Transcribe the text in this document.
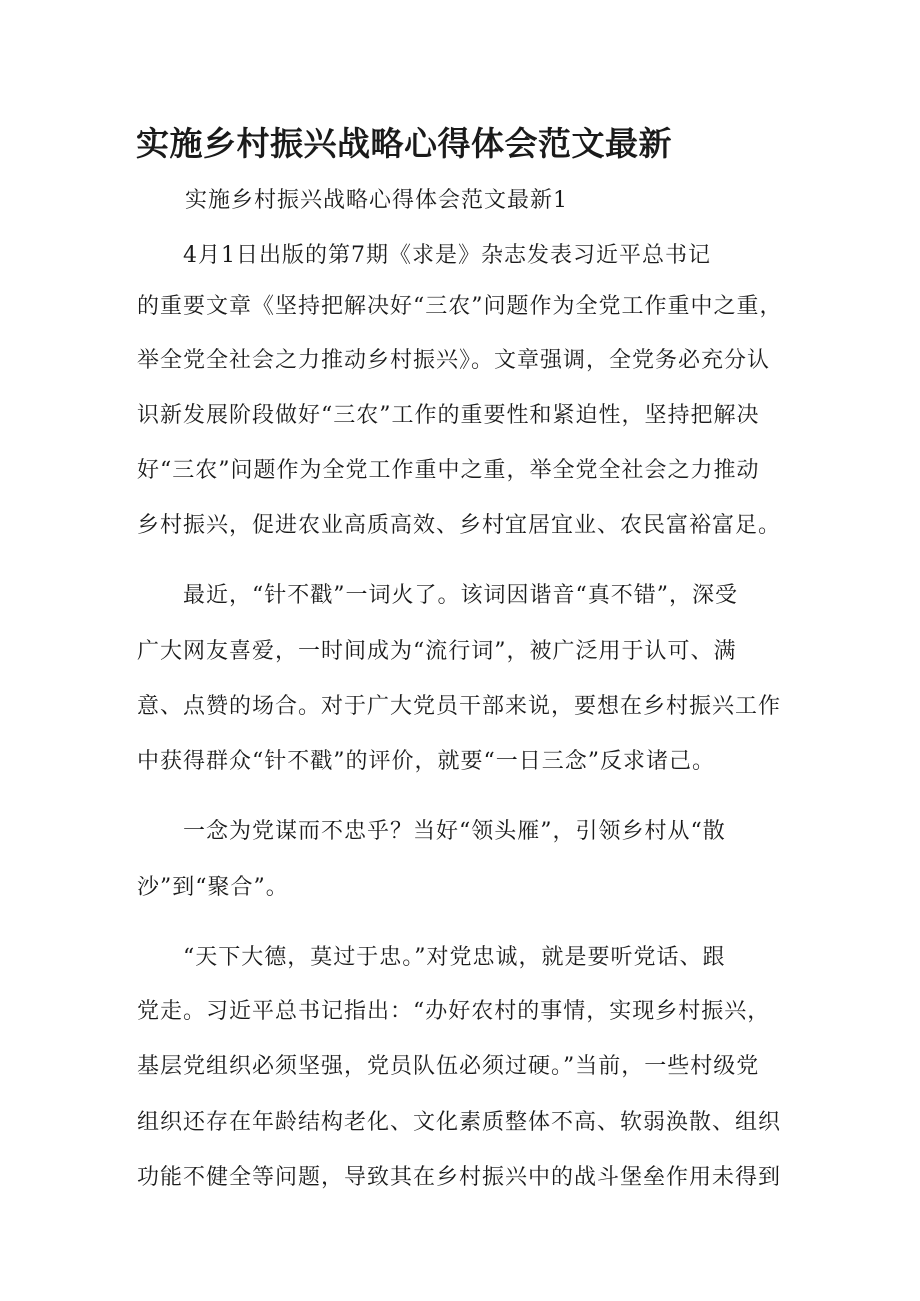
实施乡村振兴战略心得体会范文最新

实施乡村振兴战略心得体会范文最新1

4月1日出版的第7期《求是》杂志发表习近平总书记

的重要文章《坚持把解决好“三农”问题作为全党工作重中之重，

举全党全社会之力推动乡村振兴》。文章强调，全党务必充分认

识新发展阶段做好“三农”工作的重要性和紧迫性，坚持把解决

好“三农”问题作为全党工作重中之重，举全党全社会之力推动

乡村振兴，促进农业高质高效、乡村宜居宜业、农民富裕富足。

最近，“针不戳”一词火了。该词因谐音“真不错”，深受

广大网友喜爱，一时间成为“流行词”，被广泛用于认可、满

意、点赞的场合。对于广大党员干部来说，要想在乡村振兴工作

中获得群众“针不戳”的评价，就要“一日三念”反求诸己。

一念为党谋而不忠乎？当好“领头雁”，引领乡村从“散

沙”到“聚合”。

“天下大德，莫过于忠。”对党忠诚，就是要听党话、跟

党走。习近平总书记指出：“办好农村的事情，实现乡村振兴，

基层党组织必须坚强，党员队伍必须过硬。”当前，一些村级党

组织还存在年龄结构老化、文化素质整体不高、软弱涣散、组织

功能不健全等问题，导致其在乡村振兴中的战斗堡垒作用未得到
